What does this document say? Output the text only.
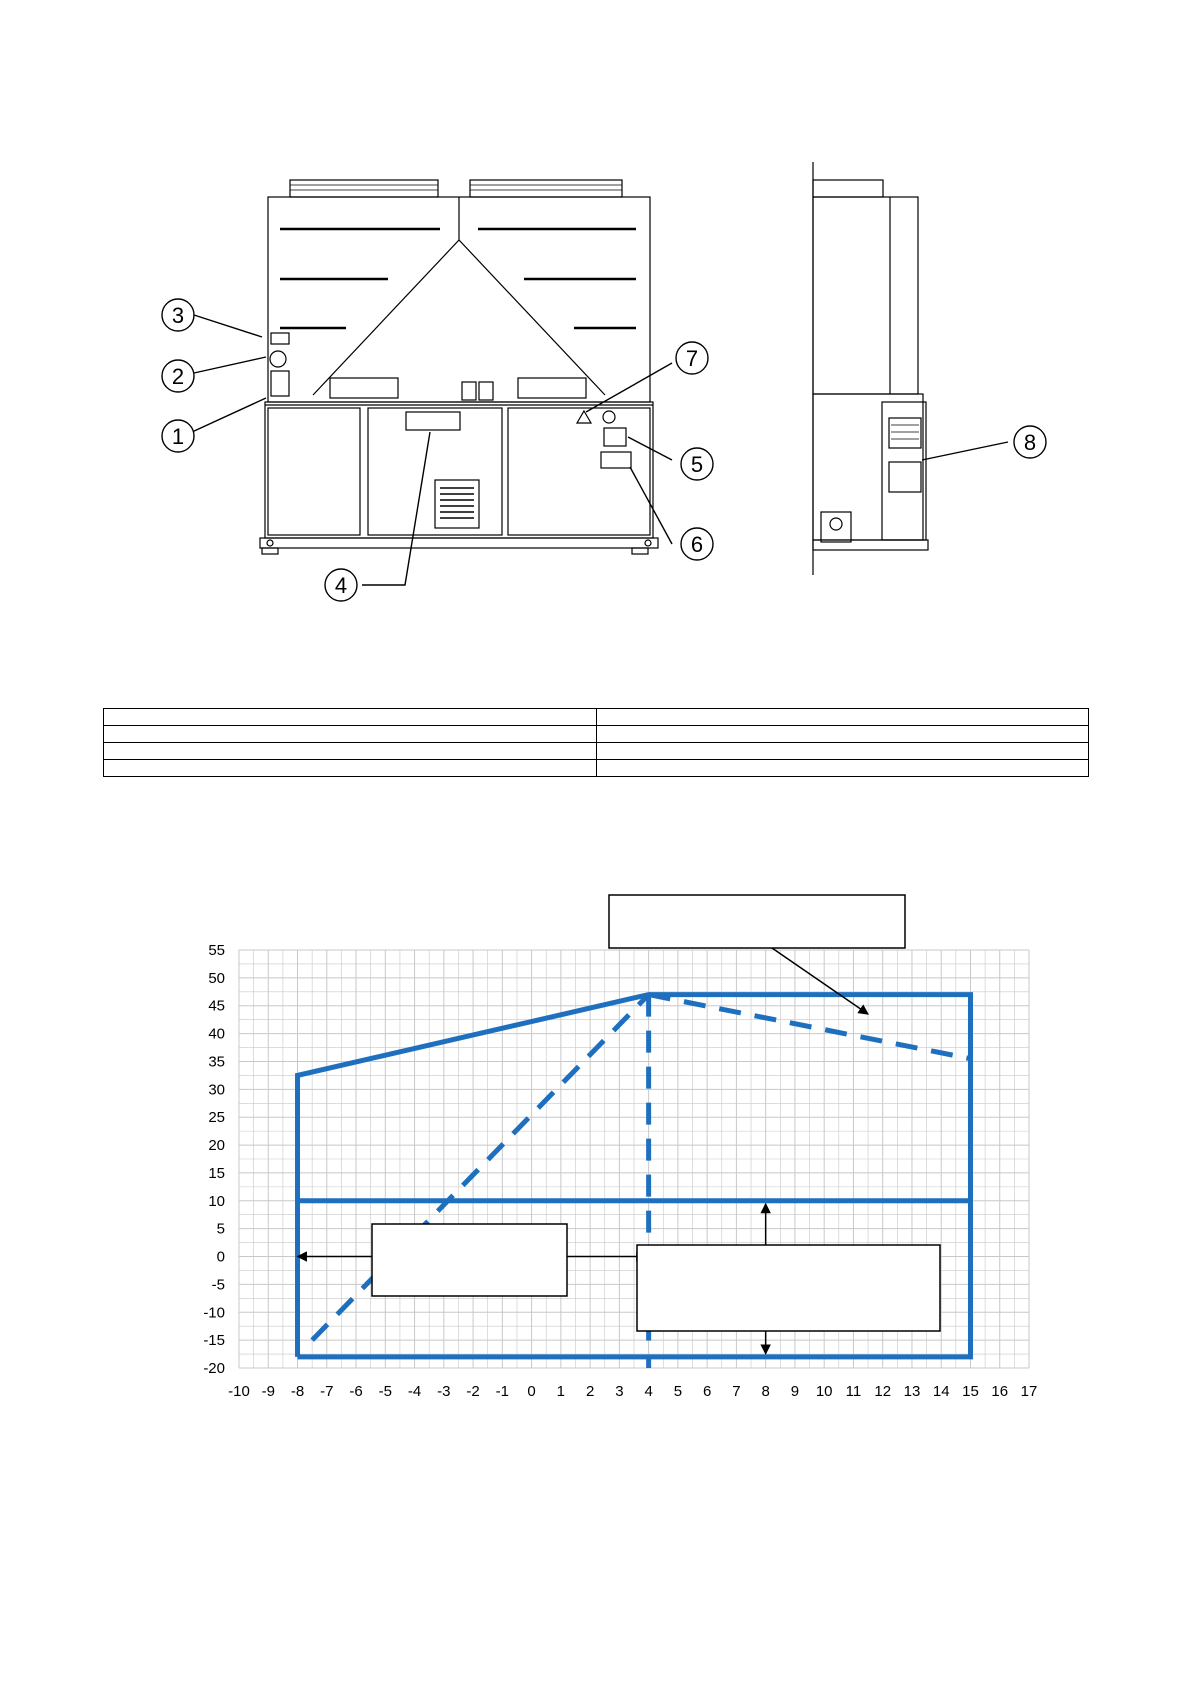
1
2
3
4
5
6
7
8

-10 -9 -8 -7 -6 -5 -4 -3 -2 -1 0 1 2 3 4 5 6 7 8 9 10 11 12 13 14 15 16 17
55
50
45
40
35
30
25
20
15
10
5
0
-5
-10
-15
-20
